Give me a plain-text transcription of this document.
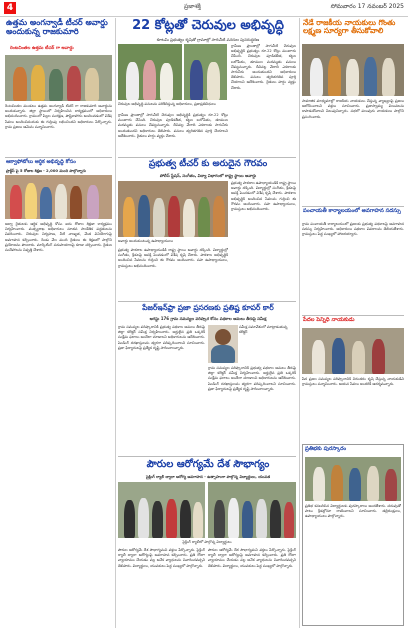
4	ప్రజాశక్తి	సోమవారం 17 నవంబర్ 2025
ఉత్తమ అంగన్వాడీ టీచర్ అవార్డు అందుకున్న రాజకుమారి
రెంటచింతల ఉత్తమ టీచర్ గా అవార్డు
రెంటచింతల మండలం ఉత్తమ అంగన్వాడీ టీచర్ గా రాజకుమారి అవార్డును అందుకున్నారు. జిల్లా స్థాయిలో నిర్వహించిన కార్యక్రమంలో అధికారులు అభినందించారు. గ్రామంలో పిల్లల సంరక్షణ, పౌష్టికాహారం అందించడంలో విశేష సేవలు అందించినందుకు ఈ గుర్తింపు లభించిందని అధికారులు పేర్కొన్నారు. గ్రామ ప్రజలు ఆమెను సన్మానించారు.
ఆక్వాఫోటోలు ఆర్థిక అభివృద్ధి కోసం
ప్రాక్టీస్ పై 5 రోజుల శిక్షణ - 2,000 మంది పాల్గొన్నారు
ఆక్వా రైతులకు ఆర్థిక అభివృద్ధి కోసం ఐదు రోజుల శిక్షణా కార్యక్రమం నిర్వహించారు. మత్స్యశాఖ అధికారులు నూతన సాంకేతిక పద్ధతులను వివరించారు. చెరువుల నిర్వహణ, నీటి నాణ్యత, మేత వినియోగంపై అవగాహన కల్పించారు. రెండు వేల మంది రైతులు ఈ శిక్షణలో పాల్గొని ప్రయోజనం పొందారు. మార్కెటింగ్ సదుపాయాలపై కూడా చర్చించారు. రైతుల సందేహాలను నివృత్తి చేశారు.
22 కోట్లతో చెరువుల అభివృద్ధి
కూటమి ప్రభుత్వం కృషితో గ్రామాల్లో సాగునీటి వనరుల పునరుద్ధరణ
చెరువుల అభివృద్ధి పనులను పరిశీలిస్తున్న అధికారులు, ప్రజాప్రతినిధులు
గ్రామీణ ప్రాంతాల్లో సాగునీటి చెరువుల అభివృద్ధికి ప్రభుత్వం రూ.22 కోట్లు మంజూరు చేసింది. చెరువుల పూడికతీత, కట్టల బలోపేతం, తూముల మరమ్మతు పనులు చేపట్టనున్నారు. దీనివల్ల వేలాది ఎకరాలకు సాగునీరు అందుతుందని అధికారులు తెలిపారు. పనులు త్వరితగతిన పూర్తి చేయాలని ఆదేశించారు. రైతులు హర్షం వ్యక్తం చేశారు.
గ్రామీణ ప్రాంతాల్లో సాగునీటి చెరువుల అభివృద్ధికి ప్రభుత్వం రూ.22 కోట్లు మంజూరు చేసింది. చెరువుల పూడికతీత, కట్టల బలోపేతం, తూముల మరమ్మతు పనులు చేపట్టనున్నారు. దీనివల్ల వేలాది ఎకరాలకు సాగునీరు అందుతుందని అధికారులు తెలిపారు. పనులు త్వరితగతిన పూర్తి చేయాలని ఆదేశించారు. రైతులు హర్షం వ్యక్తం చేశారు.
ప్రభుత్వ టీచర్ కు అరుదైన గౌరవం
పోలీస్ స్టేషన్, సంగీతం, విద్యా విభాగంలో రాష్ట్ర స్థాయి అవార్డు
అవార్డు అందుకుంటున్న ఉపాధ్యాయులు
ప్రభుత్వ పాఠశాల ఉపాధ్యాయుడికి రాష్ట్ర స్థాయి అవార్డు దక్కింది. విద్యార్థుల్లో సంగీతం, క్రీడలపై ఆసక్తి పెంచడంలో విశేష కృషి చేశారు. పాఠశాల అభివృద్ధికి అందించిన సేవలను గుర్తించి ఈ గౌరవం అందించారు. సహ ఉపాధ్యాయులు, గ్రామస్తులు అభినందించారు.
ప్రభుత్వ పాఠశాల ఉపాధ్యాయుడికి రాష్ట్ర స్థాయి అవార్డు దక్కింది. విద్యార్థుల్లో సంగీతం, క్రీడలపై ఆసక్తి పెంచడంలో విశేష కృషి చేశారు. పాఠశాల అభివృద్ధికి అందించిన సేవలను గుర్తించి ఈ గౌరవం అందించారు. సహ ఉపాధ్యాయులు, గ్రామస్తులు అభినందించారు.
పేజర్‌ఇన్‌ఫ్రా ప్రజా ప్రసరణకు ప్రతిష్ట కూపర్ కార్
ఆగస్టు 176 గ్రామ సమస్యల పరిష్కార కోసం పథకాల అమలు తీరుపై సమీక్ష
గ్రామ సమస్యల పరిష్కారానికి ప్రభుత్వ పథకాల అమలు తీరుపై జిల్లా కలెక్టర్ సమీక్ష నిర్వహించారు. అర్హులైన ప్రతి ఒక్కరికీ సంక్షేమ ఫలాలు అందేలా చూడాలని అధికారులను ఆదేశించారు. పెండింగ్ దరఖాస్తులను త్వరగా పరిష్కరించాలని సూచించారు. ప్రజా ఫిర్యాదులపై ప్రత్యేక దృష్టి సారించాలన్నారు.
సమీక్ష సమావేశంలో మాట్లాడుతున్న కలెక్టర్
గ్రామ సమస్యల పరిష్కారానికి ప్రభుత్వ పథకాల అమలు తీరుపై జిల్లా కలెక్టర్ సమీక్ష నిర్వహించారు. అర్హులైన ప్రతి ఒక్కరికీ సంక్షేమ ఫలాలు అందేలా చూడాలని అధికారులను ఆదేశించారు. పెండింగ్ దరఖాస్తులను త్వరగా పరిష్కరించాలని సూచించారు. ప్రజా ఫిర్యాదులపై ప్రత్యేక దృష్టి సారించాలన్నారు.
పౌరుల ఆరోగ్యమే దేశ సౌభాగ్యం
సైక్లింగ్ ర్యాలీ ద్వారా ఆరోగ్య అవగాహన - ఉత్సాహంగా పాల్గొన్న విద్యార్థులు, యువత
సైక్లింగ్ ర్యాలీలో పాల్గొన్న విద్యార్థులు
పౌరుల ఆరోగ్యమే దేశ సౌభాగ్యమని వక్తలు పేర్కొన్నారు. సైక్లింగ్ ర్యాలీ ద్వారా ఆరోగ్యంపై అవగాహన కల్పించారు. ప్రతి రోజూ వ్యాయామం చేయడం వల్ల అనేక వ్యాధులను నివారించవచ్చని తెలిపారు. విద్యార్థులు, యువకులు పెద్ద సంఖ్యలో పాల్గొన్నారు.
పౌరుల ఆరోగ్యమే దేశ సౌభాగ్యమని వక్తలు పేర్కొన్నారు. సైక్లింగ్ ర్యాలీ ద్వారా ఆరోగ్యంపై అవగాహన కల్పించారు. ప్రతి రోజూ వ్యాయామం చేయడం వల్ల అనేక వ్యాధులను నివారించవచ్చని తెలిపారు. విద్యార్థులు, యువకులు పెద్ద సంఖ్యలో పాల్గొన్నారు.
నేడే రాజకీయ నాయకులు గొంతు లక్ష్మణ సూర్యగా తీసుకోవాలి
సామాజిక మాధ్యమాల్లో రాజకీయ నాయకులు చేస్తున్న వ్యాఖ్యలపై ప్రజలు ఆలోచించాలని వక్తలు సూచించారు. ప్రజాస్వామ్య విలువలను కాపాడుకోవాలని పిలుపునిచ్చారు. సభలో పలువురు నాయకులు పాల్గొని ప్రసంగించారు.
పంచాయతీ కార్యాలయంలో అవగాహన సదస్సు
గ్రామ పంచాయతీ కార్యాలయంలో ప్రజలకు ప్రభుత్వ పథకాలపై అవగాహన సదస్సు నిర్వహించారు. అధికారులు పథకాల వివరాలను తెలియజేశారు. గ్రామస్తులు పెద్ద సంఖ్యలో హాజరయ్యారు.
పేదల పెన్నిధి నాయకుడు
పేద ప్రజల సమస్యల పరిష్కారానికి నిరంతరం కృషి చేస్తున్న నాయకుడిని గ్రామస్తులు సన్మానించారు. ఆయన సేవలు అందరికీ ఆదర్శమన్నారు.
ప్రతిభకు పురస్కారం
ప్రతిభ కనబరిచిన విద్యార్థులకు పురస్కారాలు అందజేశారు. చదువుతో పాటు క్రీడల్లోనూ రాణించాలని సూచించారు. తల్లిదండ్రులు, ఉపాధ్యాయులు పాల్గొన్నారు.
